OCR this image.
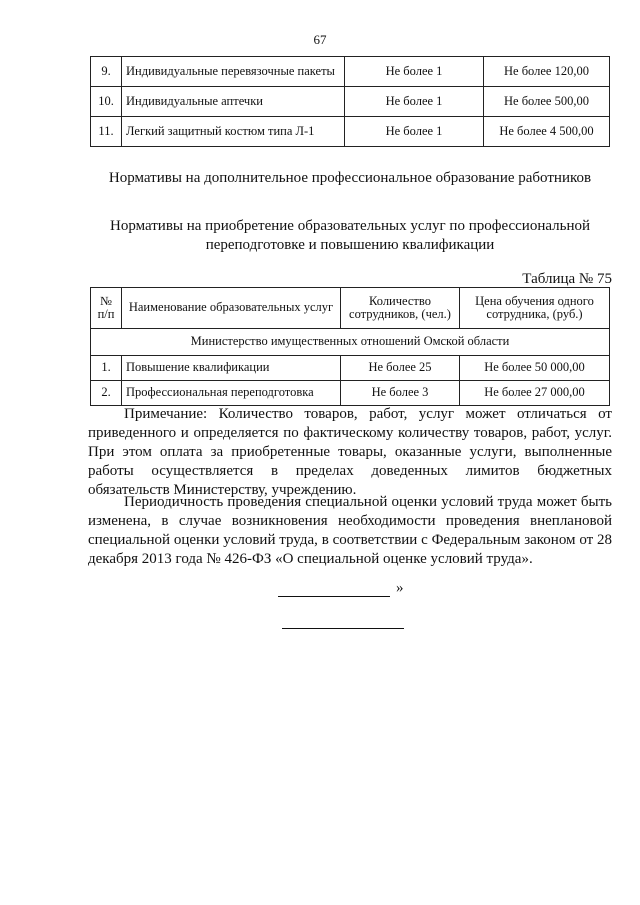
67
9.	Индивидуальные перевязочные пакеты	Не более 1	Не более 120,00
10.	Индивидуальные аптечки	Не более 1	Не более 500,00
11.	Легкий защитный костюм типа Л-1	Не более 1	Не более 4 500,00
Нормативы на дополнительное профессиональное образование работников
Нормативы на приобретение образовательных услуг по профессиональной переподготовке и повышению квалификации
Таблица № 75
№ п/п	Наименование образовательных услуг	Количество сотрудников, (чел.)	Цена обучения одного сотрудника, (руб.)
Министерство имущественных отношений Омской области			
1.	Повышение квалификации	Не более 25	Не более 50 000,00
2.	Профессиональная переподготовка	Не более 3	Не более 27 000,00

Примечание: Количество товаров, работ, услуг может отличаться от приведенного и определяется по фактическому количеству товаров, работ, услуг. При этом оплата за приобретенные товары, оказанные услуги, выполненные работы осуществляется в пределах доведенных лимитов бюджетных обязательств Министерству, учреждению.

Периодичность проведения специальной оценки условий труда может быть изменена, в случае возникновения необходимости проведения внеплановой специальной оценки условий труда, в соответствии с Федеральным законом от 28 декабря 2013 года № 426-ФЗ «О специальной оценке условий труда».

»
